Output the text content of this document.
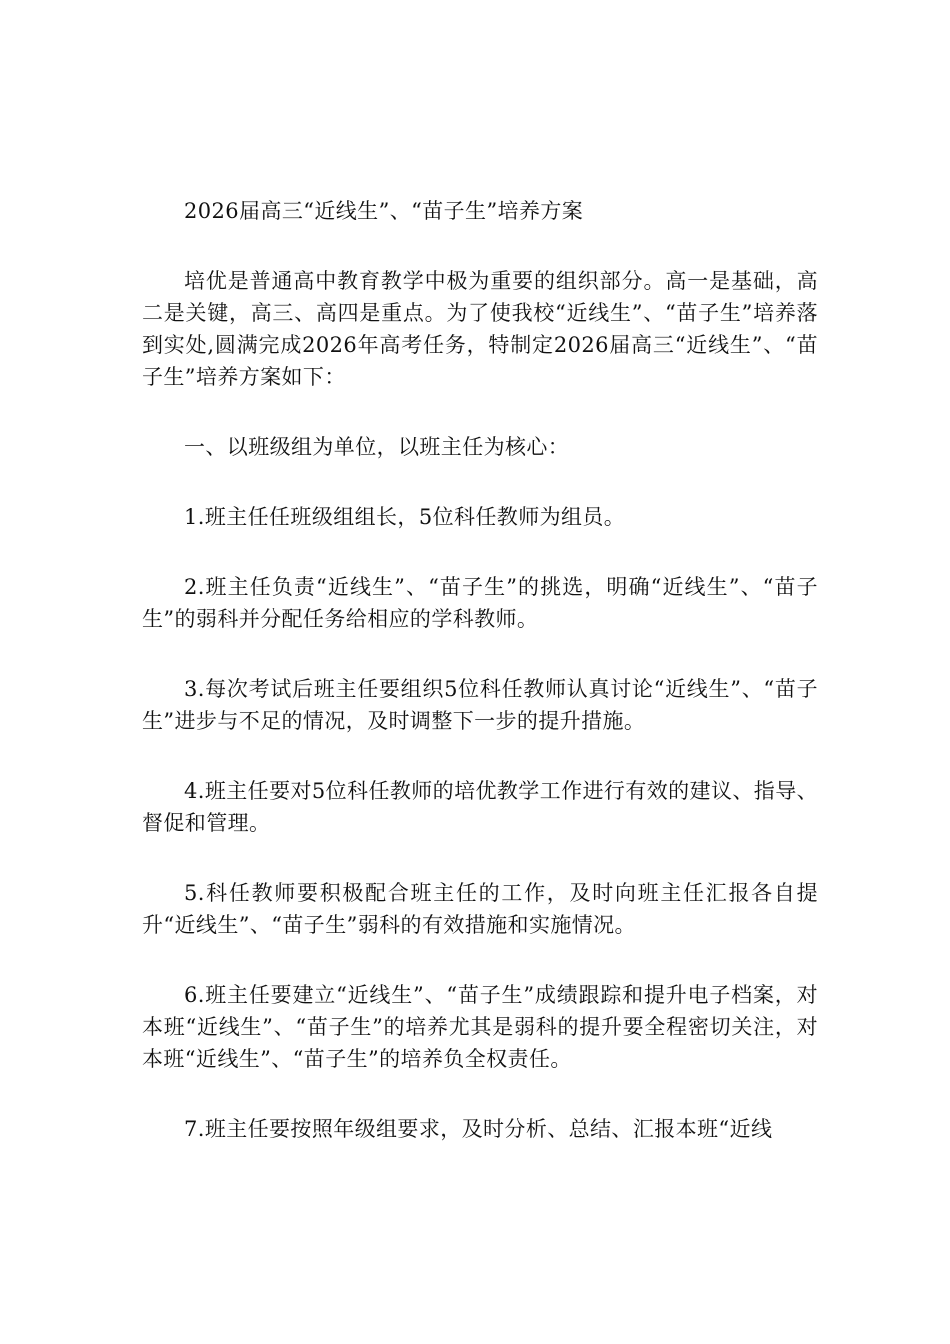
2026届高三“近线生”、“苗子生”培养方案

培优是普通高中教育教学中极为重要的组织部分。高一是基础，高二是关键，高三、高四是重点。为了使我校“近线生”、“苗子生”培养落到实处,圆满完成2026年高考任务，特制定2026届高三“近线生”、“苗子生”培养方案如下：

一、以班级组为单位，以班主任为核心：

1.班主任任班级组组长，5位科任教师为组员。

2.班主任负责“近线生”、“苗子生”的挑选，明确“近线生”、“苗子生”的弱科并分配任务给相应的学科教师。

3.每次考试后班主任要组织5位科任教师认真讨论“近线生”、“苗子生”进步与不足的情况，及时调整下一步的提升措施。

4.班主任要对5位科任教师的培优教学工作进行有效的建议、指导、督促和管理。

5.科任教师要积极配合班主任的工作，及时向班主任汇报各自提升“近线生”、“苗子生”弱科的有效措施和实施情况。

6.班主任要建立“近线生”、“苗子生”成绩跟踪和提升电子档案，对本班“近线生”、“苗子生”的培养尤其是弱科的提升要全程密切关注，对本班“近线生”、“苗子生”的培养负全权责任。

7.班主任要按照年级组要求，及时分析、总结、汇报本班“近线
